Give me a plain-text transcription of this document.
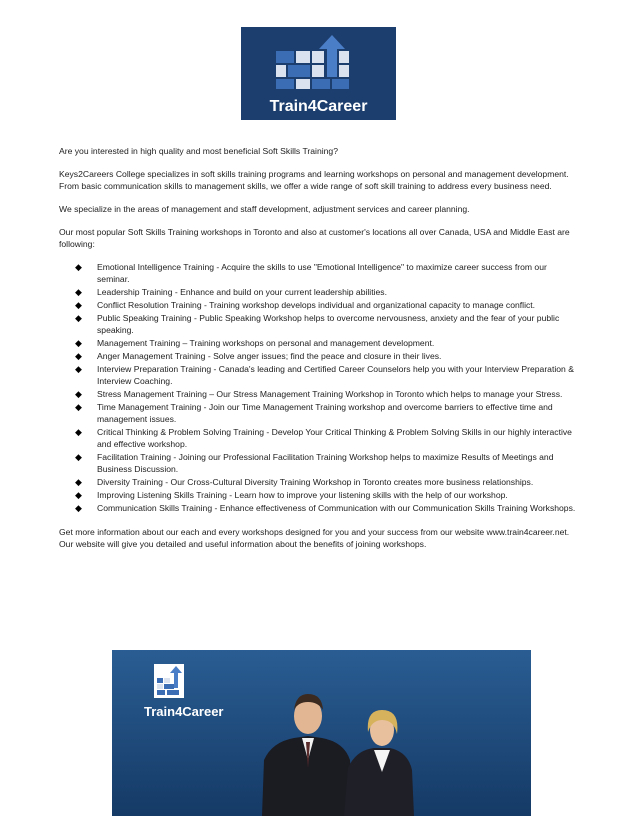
Train4Career

Are you interested in high quality and most beneficial Soft Skills Training?

Keys2Careers College specializes in soft skills training programs and learning workshops on personal and management development. From basic communication skills to management skills, we offer a wide range of soft skill training to address every business need.

We specialize in the areas of management and staff development, adjustment services and career planning.

Our most popular Soft Skills Training workshops in Toronto and also at customer's locations all over Canada, USA and Middle East are following:

◆ Emotional Intelligence Training - Acquire the skills to use "Emotional Intelligence" to maximize career success from our seminar.
◆ Leadership Training - Enhance and build on your current leadership abilities.
◆ Conflict Resolution Training - Training workshop develops individual and organizational capacity to manage conflict.
◆ Public Speaking Training - Public Speaking Workshop helps to overcome nervousness, anxiety and the fear of your public speaking.
◆ Management Training – Training workshops on personal and management development.
◆ Anger Management Training - Solve anger issues; find the peace and closure in their lives.
◆ Interview Preparation Training - Canada's leading and Certified Career Counselors help you with your Interview Preparation & Interview Coaching.
◆ Stress Management Training – Our Stress Management Training Workshop in Toronto which helps to manage your Stress.
◆ Time Management Training - Join our Time Management Training workshop and overcome barriers to effective time and management issues.
◆ Critical Thinking & Problem Solving Training - Develop Your Critical Thinking & Problem Solving Skills in our highly interactive and effective workshop.
◆ Facilitation Training - Joining our Professional Facilitation Training Workshop helps to maximize Results of Meetings and Business Discussion.
◆ Diversity Training - Our Cross-Cultural Diversity Training Workshop in Toronto creates more business relationships.
◆ Improving Listening Skills Training - Learn how to improve your listening skills with the help of our workshop.
◆ Communication Skills Training - Enhance effectiveness of Communication with our Communication Skills Training Workshops.

Get more information about our each and every workshops designed for you and your success from our website www.train4career.net. Our website will give you detailed and useful information about the benefits of joining workshops.

Train4Career
